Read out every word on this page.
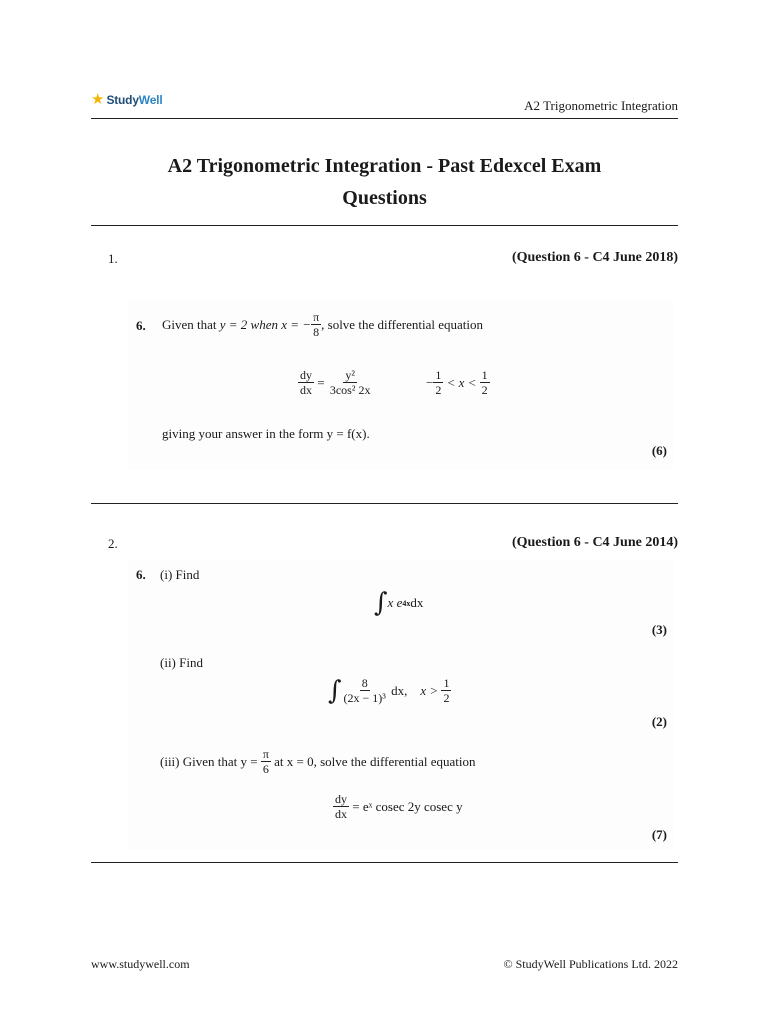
★ StudyWell	A2 Trigonometric Integration
A2 Trigonometric Integration - Past Edexcel Exam
Questions
1.	(Question 6 - C4 June 2018)
6. Given that
y = 2 when x = − $\frac{\pi}{8}$ , solve the differential equation
$\frac{dy}{dx}$
=
$\frac{\text{y²}}{\text{3cos² 2x}}$	− $\frac{1}{2}$
< x <
$\frac{1}{2}$
giving your answer in the form y = f(x).
(6)
2.	(Question 6 - C4 June 2014)
6. (i) Find
∫ x e 4x dx
(3)
(ii) Find
∫ $\frac{8}{\text{(2x − 1)³}}$
dx,
x >
$\frac{1}{2}$
(2)
(iii) Given that y =
$\frac{\pi}{6}$
at x = 0, solve the differential equation
$\frac{dy}{dx}$
= eˣ cosec 2y cosec y
(7)
www.studywell.com	© StudyWell Publications Ltd. 2022
